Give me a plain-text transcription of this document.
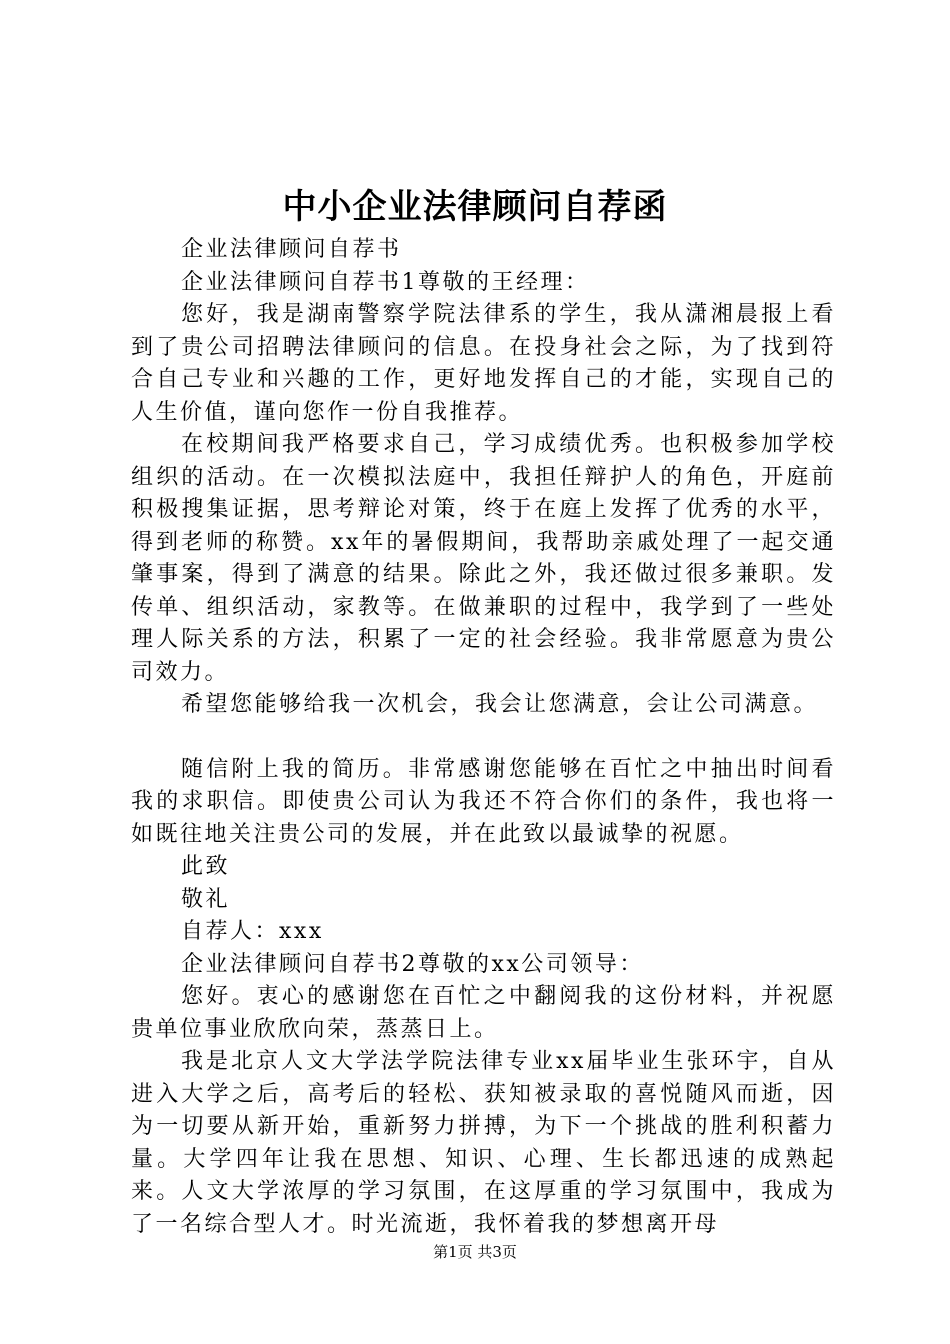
中小企业法律顾问自荐函

企业法律顾问自荐书

企业法律顾问自荐书1尊敬的王经理：

您好，我是湖南警察学院法律系的学生，我从潇湘晨报上看到了贵公司招聘法律顾问的信息。在投身社会之际，为了找到符合自己专业和兴趣的工作，更好地发挥自己的才能，实现自己的人生价值，谨向您作一份自我推荐。

在校期间我严格要求自己，学习成绩优秀。也积极参加学校组织的活动。在一次模拟法庭中，我担任辩护人的角色，开庭前积极搜集证据，思考辩论对策，终于在庭上发挥了优秀的水平，得到老师的称赞。xx年的暑假期间，我帮助亲戚处理了一起交通肇事案，得到了满意的结果。除此之外，我还做过很多兼职。发传单、组织活动，家教等。在做兼职的过程中，我学到了一些处理人际关系的方法，积累了一定的社会经验。我非常愿意为贵公司效力。

希望您能够给我一次机会，我会让您满意，会让公司满意。

随信附上我的简历。非常感谢您能够在百忙之中抽出时间看我的求职信。即使贵公司认为我还不符合你们的条件，我也将一如既往地关注贵公司的发展，并在此致以最诚挚的祝愿。

此致

敬礼

自荐人：xxx

企业法律顾问自荐书2尊敬的xx公司领导：

您好。衷心的感谢您在百忙之中翻阅我的这份材料，并祝愿贵单位事业欣欣向荣，蒸蒸日上。

我是北京人文大学法学院法律专业xx届毕业生张环宇，自从进入大学之后，高考后的轻松、获知被录取的喜悦随风而逝，因为一切要从新开始，重新努力拼搏，为下一个挑战的胜利积蓄力量。大学四年让我在思想、知识、心理、生长都迅速的成熟起来。人文大学浓厚的学习氛围，在这厚重的学习氛围中，我成为了一名综合型人才。时光流逝，我怀着我的梦想离开母

第1页 共3页
